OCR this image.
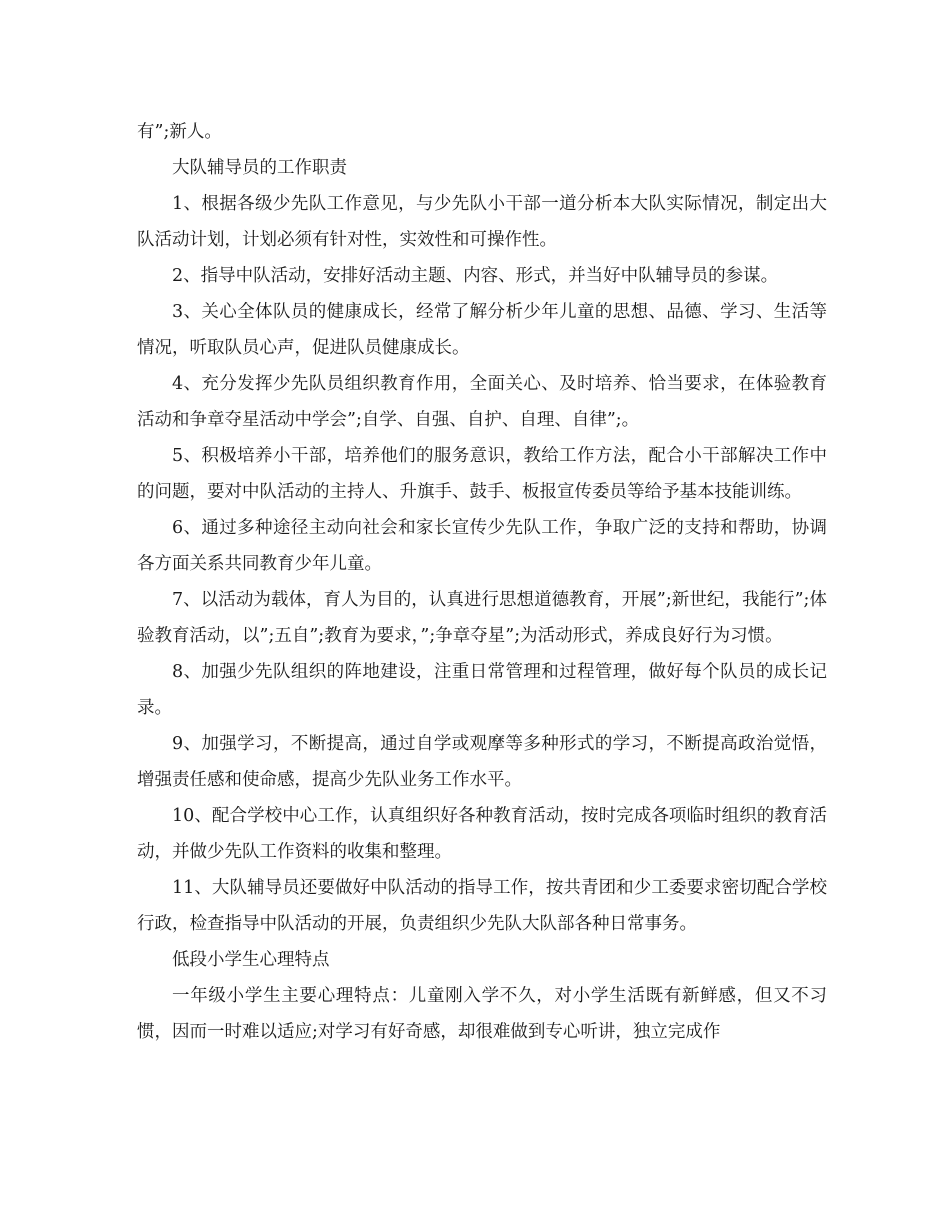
有”;新人。

大队辅导员的工作职责

1、根据各级少先队工作意见，与少先队小干部一道分析本大队实际情况，制定出大队活动计划，计划必须有针对性，实效性和可操作性。

2、指导中队活动，安排好活动主题、内容、形式，并当好中队辅导员的参谋。

3、关心全体队员的健康成长，经常了解分析少年儿童的思想、品德、学习、生活等情况，听取队员心声，促进队员健康成长。

4、充分发挥少先队员组织教育作用，全面关心、及时培养、恰当要求，在体验教育活动和争章夺星活动中学会”;自学、自强、自护、自理、自律”;。

5、积极培养小干部，培养他们的服务意识，教给工作方法，配合小干部解决工作中的问题，要对中队活动的主持人、升旗手、鼓手、板报宣传委员等给予基本技能训练。

6、通过多种途径主动向社会和家长宣传少先队工作，争取广泛的支持和帮助，协调各方面关系共同教育少年儿童。

7、以活动为载体，育人为目的，认真进行思想道德教育，开展”;新世纪，我能行”;体验教育活动，以”;五自”;教育为要求，”;争章夺星”;为活动形式，养成良好行为习惯。

8、加强少先队组织的阵地建设，注重日常管理和过程管理，做好每个队员的成长记录。

9、加强学习，不断提高，通过自学或观摩等多种形式的学习，不断提高政治觉悟，增强责任感和使命感，提高少先队业务工作水平。

10、配合学校中心工作，认真组织好各种教育活动，按时完成各项临时组织的教育活动，并做少先队工作资料的收集和整理。

11、大队辅导员还要做好中队活动的指导工作，按共青团和少工委要求密切配合学校行政，检查指导中队活动的开展，负责组织少先队大队部各种日常事务。

低段小学生心理特点

一年级小学生主要心理特点：儿童刚入学不久，对小学生活既有新鲜感，但又不习惯，因而一时难以适应;对学习有好奇感，却很难做到专心听讲，独立完成作
